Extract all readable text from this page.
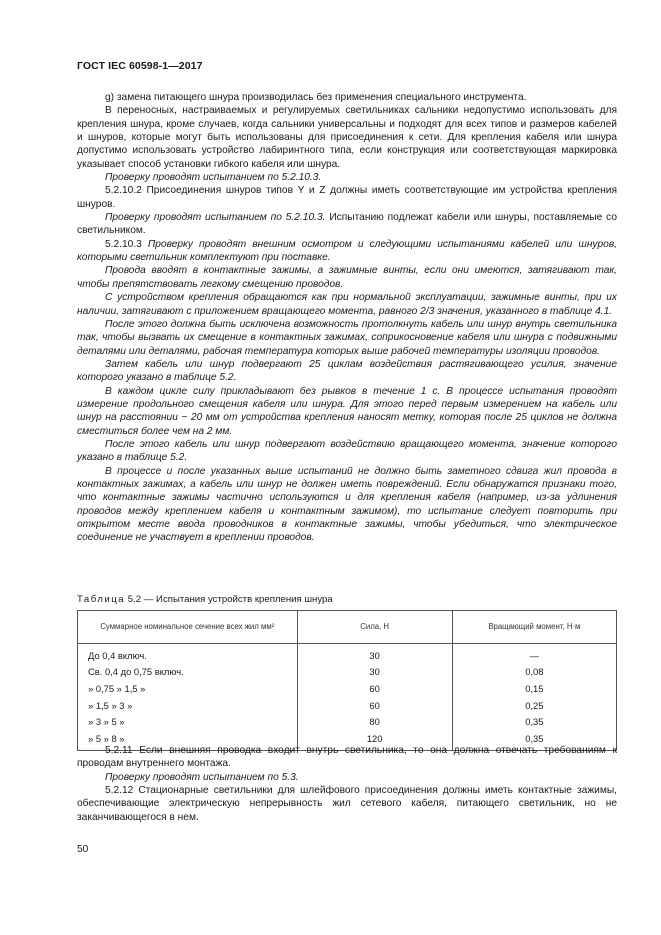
ГОСТ IEC 60598-1—2017

g) замена питающего шнура производилась без применения специального инструмента.

В переносных, настраиваемых и регулируемых светильниках сальники недопустимо использовать для крепления шнура, кроме случаев, когда сальники универсальны и подходят для всех типов и размеров кабелей и шнуров, которые могут быть использованы для присоединения к сети. Для крепления кабеля или шнура допустимо использовать устройство лабиринтного типа, если конструкция или соответствующая маркировка указывает способ установки гибкого кабеля или шнура.

Проверку проводят испытанием по 5.2.10.3.

5.2.10.2 Присоединения шнуров типов Y и Z должны иметь соответствующие им устройства крепления шнуров.

Проверку проводят испытанием по 5.2.10.3. Испытанию подлежат кабели или шнуры, поставляемые со светильником.

5.2.10.3 Проверку проводят внешним осмотром и следующими испытаниями кабелей или шнуров, которыми светильник комплектуют при поставке.

Провода вводят в контактные зажимы, а зажимные винты, если они имеются, затягивают так, чтобы препятствовать легкому смещению проводов.

С устройством крепления обращаются как при нормальной эксплуатации, зажимные винты, при их наличии, затягивают с приложением вращающего момента, равного 2/3 значения, указанного в таблице 4.1.

После этого должна быть исключена возможность протолкнуть кабель или шнур внутрь светильника так, чтобы вызвать их смещение в контактных зажимах, соприкосновение кабеля или шнура с подвижными деталями или деталями, рабочая температура которых выше рабочей температуры изоляции проводов.

Затем кабель или шнур подвергают 25 циклам воздействия растягивающего усилия, значение которого указано в таблице 5.2.

В каждом цикле силу прикладывают без рывков в течение 1 с. В процессе испытания проводят измерение продольного смещения кабеля или шнура. Для этого перед первым измерением на кабель или шнур на расстоянии ~ 20 мм от устройства крепления наносят метку, которая после 25 циклов не должна сместиться более чем на 2 мм.

После этого кабель или шнур подвергают воздействию вращающего момента, значение которого указано в таблице 5.2.

В процессе и после указанных выше испытаний не должно быть заметного сдвига жил провода в контактных зажимах, а кабель или шнур не должен иметь повреждений. Если обнаружатся признаки того, что контактные зажимы частично используются и для крепления кабеля (например, из-за удлинения проводов между креплением кабеля и контактным зажимом), то испытание следует повторить при открытом месте ввода проводников в контактные зажимы, чтобы убедиться, что электрическое соединение не участвует в креплении проводов.

Таблица 5.2 — Испытания устройств крепления шнура
Суммарное номинальное сечение всех жил мм²	Сила, Н	Вращающий момент, Н·м
До 0,4 включ.	30	—
Св. 0,4 до 0,75 включ.	30	0,08
» 0,75 » 1,5 »	60	0,15
» 1,5 » 3 »	60	0,25
» 3 » 5 »	80	0,35
» 5 » 8 »	120	0,35

5.2.11 Если внешняя проводка входит внутрь светильника, то она должна отвечать требованиям к проводам внутреннего монтажа.

Проверку проводят испытанием по 5.3.

5.2.12 Стационарные светильники для шлейфового присоединения должны иметь контактные зажимы, обеспечивающие электрическую непрерывность жил сетевого кабеля, питающего светильник, но не заканчивающегося в нем.

50
